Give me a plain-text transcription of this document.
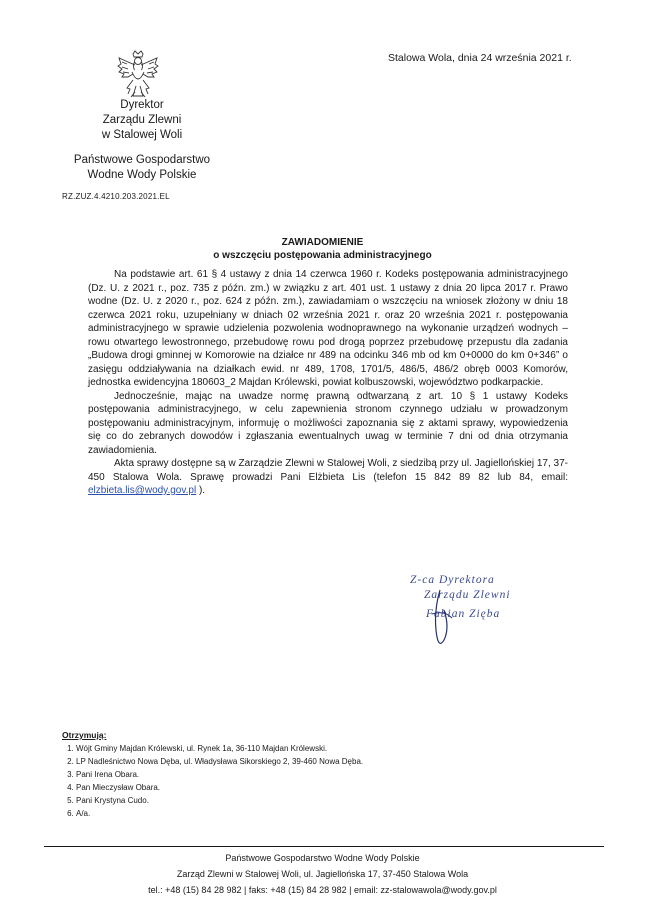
Stalowa Wola, dnia 24 września 2021 r.
Dyrektor
Zarządu Zlewni
w Stalowej Woli
Państwowe Gospodarstwo
Wodne Wody Polskie
RZ.ZUZ.4.4210.203.2021.EL
ZAWIADOMIENIE
o wszczęciu postępowania administracyjnego

Na podstawie art. 61 § 4 ustawy z dnia 14 czerwca 1960 r. Kodeks postępowania administracyjnego (Dz. U. z 2021 r., poz. 735 z późn. zm.) w związku z art. 401 ust. 1 ustawy z dnia 20 lipca 2017 r. Prawo wodne (Dz. U. z 2020 r., poz. 624 z późn. zm.), zawiadamiam o wszczęciu na wniosek złożony w dniu 18 czerwca 2021 roku, uzupełniany w dniach 02 września 2021 r. oraz 20 września 2021 r. postępowania administracyjnego w sprawie udzielenia pozwolenia wodnoprawnego na wykonanie urządzeń wodnych – rowu otwartego lewostronnego, przebudowę rowu pod drogą poprzez przebudowę przepustu dla zadania „Budowa drogi gminnej w Komorowie na działce nr 489 na odcinku 346 mb od km 0+0000 do km 0+346” o zasięgu oddziaływania na działkach ewid. nr 489, 1708, 1701/5, 486/5, 486/2 obręb 0003 Komorów, jednostka ewidencyjna 180603_2 Majdan Królewski, powiat kolbuszowski, województwo podkarpackie.

Jednocześnie, mając na uwadze normę prawną odtwarzaną z art. 10 § 1 ustawy Kodeks postępowania administracyjnego, w celu zapewnienia stronom czynnego udziału w prowadzonym postępowaniu administracyjnym, informuję o możliwości zapoznania się z aktami sprawy, wypowiedzenia się co do zebranych dowodów i zgłaszania ewentualnych uwag w terminie 7 dni od dnia otrzymania zawiadomienia.

Akta sprawy dostępne są w Zarządzie Zlewni w Stalowej Woli, z siedzibą przy ul. Jagiellońskiej 17, 37-450 Stalowa Wola. Sprawę prowadzi Pani Elżbieta Lis (telefon 15 842 89 82 lub 84, email: elzbieta.lis@wody.gov.pl ).

Z-ca Dyrektora
Zarządu Zlewni
Fabian Zięba
Otrzymują:
1. Wójt Gminy Majdan Królewski, ul. Rynek 1a, 36-110 Majdan Królewski.
2. LP Nadleśnictwo Nowa Dęba, ul. Władysława Sikorskiego 2, 39-460 Nowa Dęba.
3. Pani Irena Obara.
4. Pan Mieczysław Obara.
5. Pani Krystyna Cudo.
6. A/a.
Państwowe Gospodarstwo Wodne Wody Polskie
Zarząd Zlewni w Stalowej Woli, ul. Jagiellońska 17, 37-450 Stalowa Wola
tel.: +48 (15) 84 28 982 | faks: +48 (15) 84 28 982 | email: zz-stalowawola@wody.gov.pl
